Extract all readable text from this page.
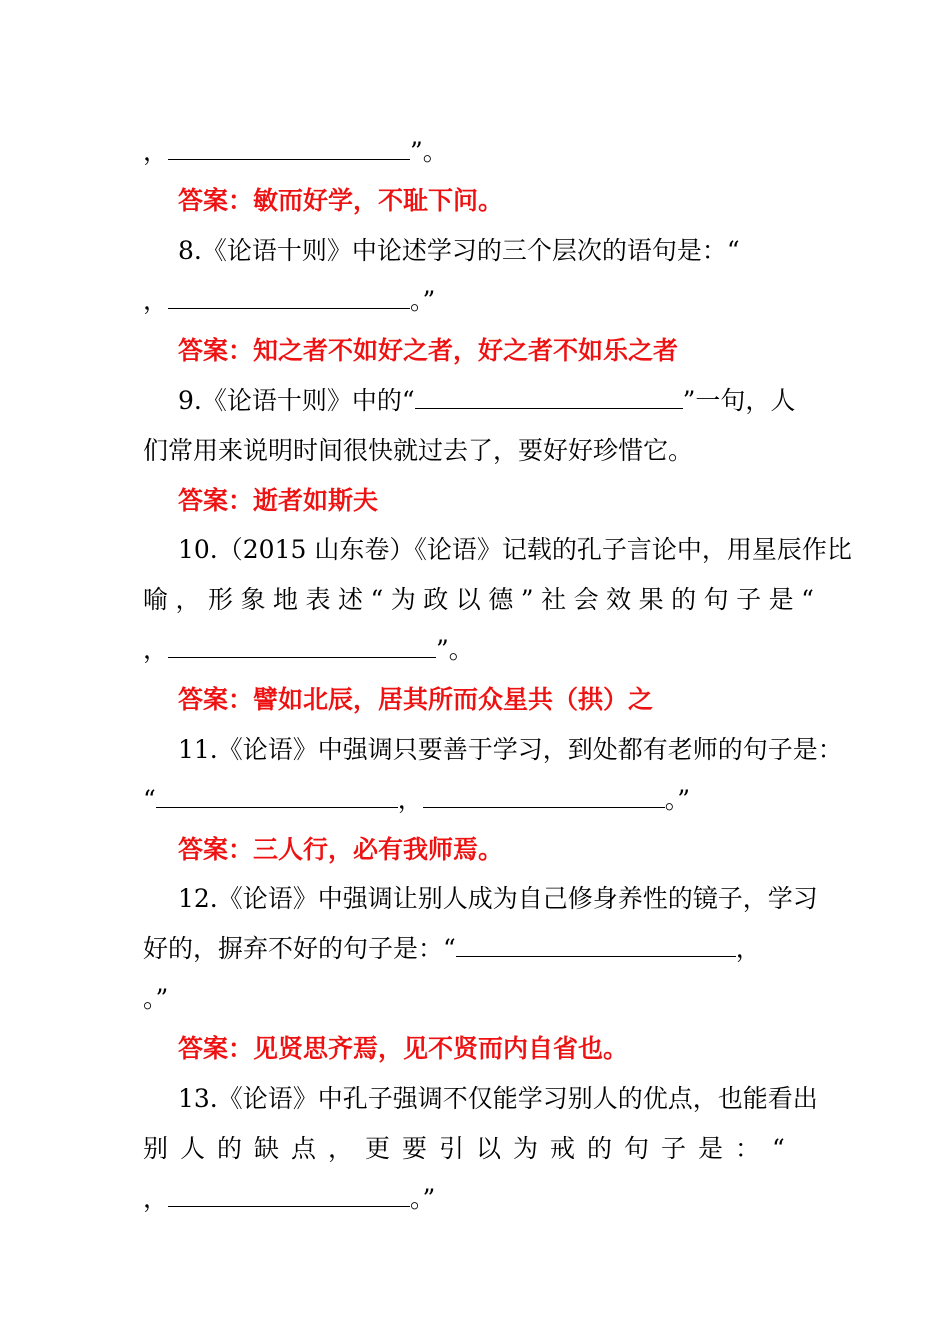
，	”。
答案：敏而好学，不耻下问。
8.《论语十则》中论述学习的三个层次的语句是：“
，	。”
答案：知之者不如好之者，好之者不如乐之者
9.《论语十则》中的“	”一句，人
们常用来说明时间很快就过去了，要好好珍惜它。
答案：逝者如斯夫
10.（2015 山东卷）《论语》记载的孔子言论中，用星辰作比
喻，形象地表述“为政以德”社会效果的句子是“
，	”。
答案：譬如北辰，居其所而众星共（拱）之
11.《论语》中强调只要善于学习，到处都有老师的句子是：
“	，	。”
答案：三人行，必有我师焉。
12.《论语》中强调让别人成为自己修身养性的镜子，学习
好的，摒弃不好的句子是：“	，
。”
答案：见贤思齐焉，见不贤而内自省也。
13.《论语》中孔子强调不仅能学习别人的优点，也能看出
别人的缺点，更要引以为戒的句子是：“
，	。”
